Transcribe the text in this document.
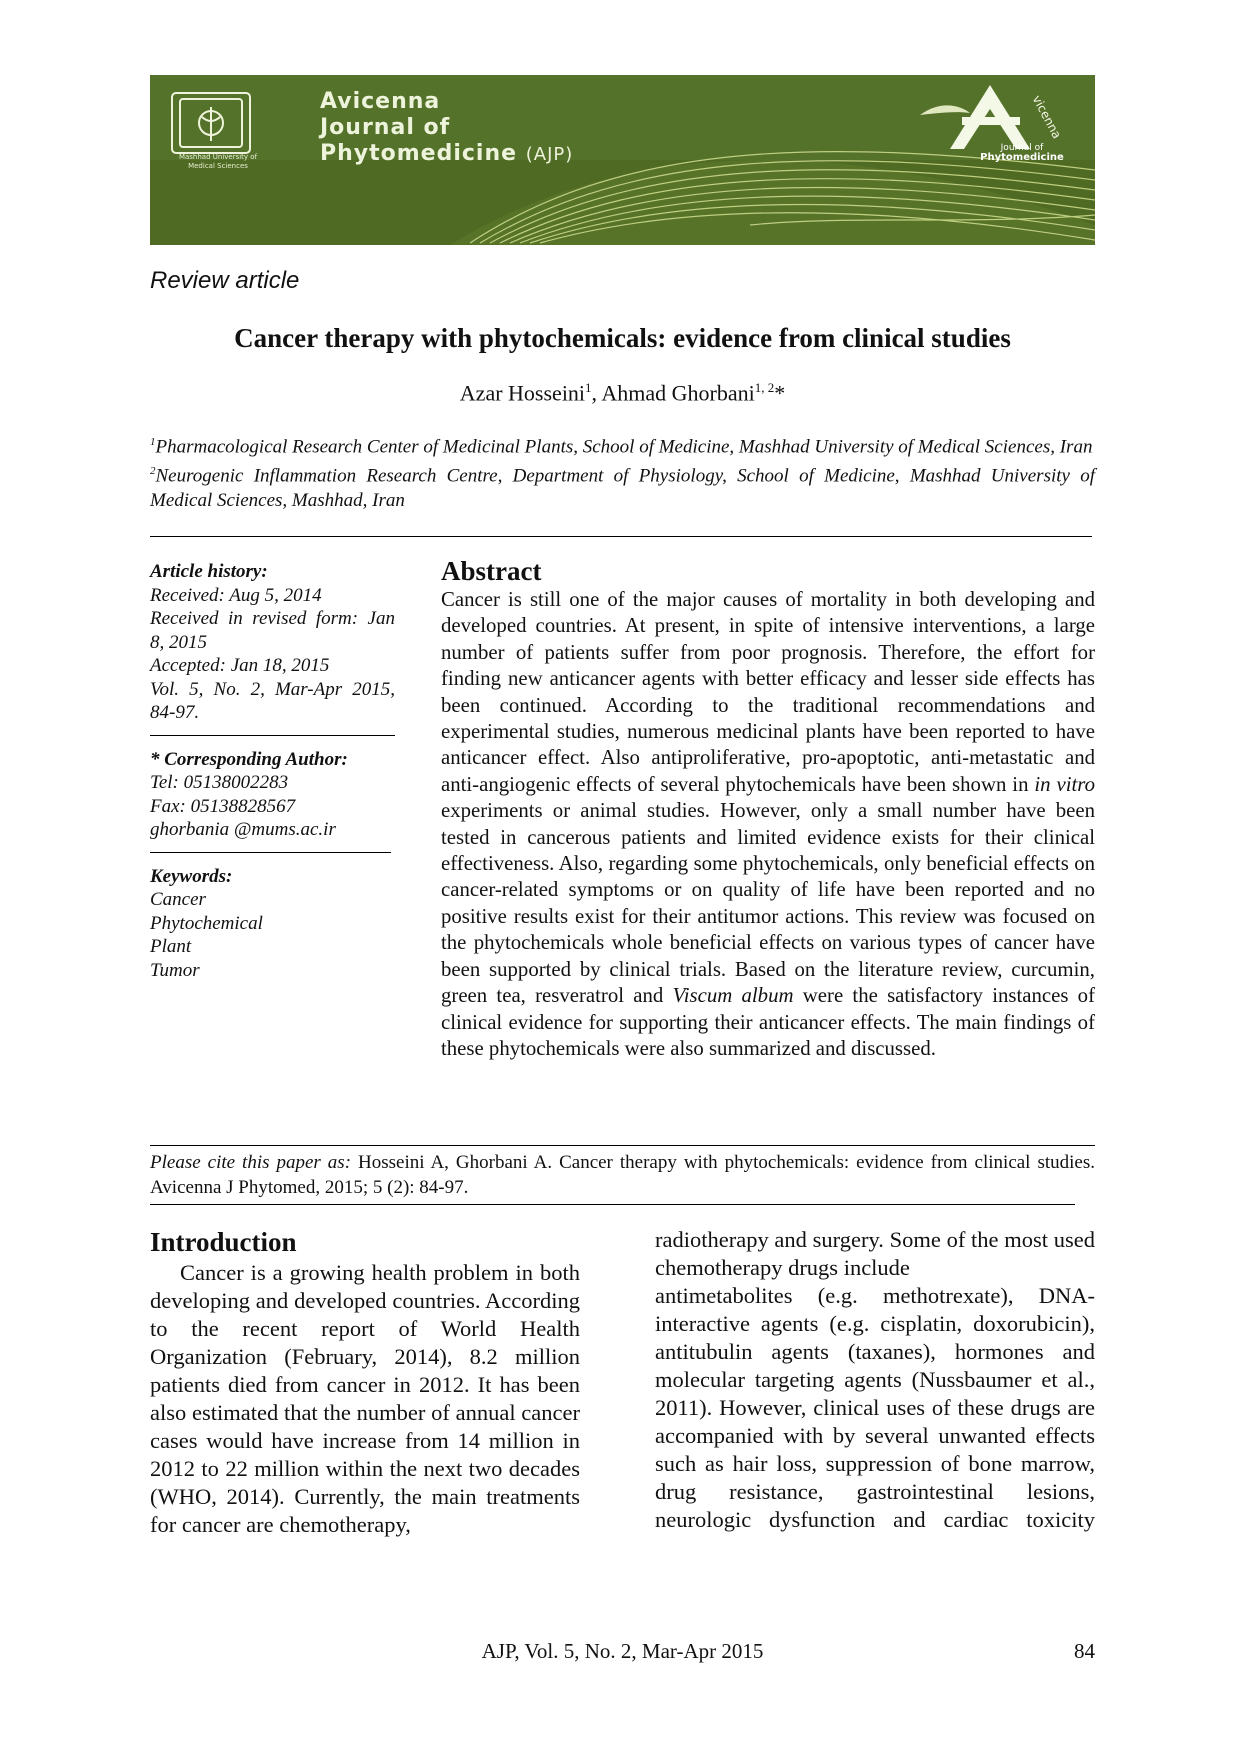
Avicenna
Journal of
Phytomedicine (AJP)
Mashhad University of Medical Sciences
vicenna
Journal of
Phytomedicine
Review article
Cancer therapy with phytochemicals: evidence from clinical studies
Azar Hosseini$^1$, Ahmad Ghorbani$^{1, 2}$*

$^1$Pharmacological Research Center of Medicinal Plants, School of Medicine, Mashhad University of Medical Sciences, Iran

$^2$Neurogenic Inflammation Research Centre, Department of Physiology, School of Medicine, Mashhad University of Medical Sciences, Mashhad, Iran

Article history:
Received: Aug 5, 2014
Received in revised form: Jan 8, 2015
Accepted: Jan 18, 2015
Vol. 5, No. 2, Mar-Apr 2015, 84-97.
* Corresponding Author:
Tel: 05138002283
Fax: 05138828567
ghorbania @mums.ac.ir
Keywords:
Cancer
Phytochemical
Plant
Tumor
Abstract

Cancer is still one of the major causes of mortality in both developing and developed countries. At present, in spite of intensive interventions, a large number of patients suffer from poor prognosis. Therefore, the effort for finding new anticancer agents with better efficacy and lesser side effects has been continued. According to the traditional recommendations and experimental studies, numerous medicinal plants have been reported to have anticancer effect. Also antiproliferative, pro-apoptotic, anti-metastatic and anti-angiogenic effects of several phytochemicals have been shown in in vitro experiments or animal studies. However, only a small number have been tested in cancerous patients and limited evidence exists for their clinical effectiveness. Also, regarding some phytochemicals, only beneficial effects on cancer-related symptoms or on quality of life have been reported and no positive results exist for their antitumor actions. This review was focused on the phytochemicals whole beneficial effects on various types of cancer have been supported by clinical trials. Based on the literature review, curcumin, green tea, resveratrol and Viscum album were the satisfactory instances of clinical evidence for supporting their anticancer effects. The main findings of these phytochemicals were also summarized and discussed.

Please cite this paper as: Hosseini A, Ghorbani A. Cancer therapy with phytochemicals: evidence from clinical studies. Avicenna J Phytomed, 2015; 5 (2): 84-97.
Introduction

Cancer is a growing health problem in both developing and developed countries. According to the recent report of World Health Organization (February, 2014), 8.2 million patients died from cancer in 2012. It has been also estimated that the number of annual cancer cases would have increase from 14 million in 2012 to 22 million within the next two decades (WHO, 2014). Currently, the main treatments for cancer are chemotherapy,

radiotherapy and surgery. Some of the most used chemotherapy drugs include

antimetabolites (e.g. methotrexate), DNA-interactive agents (e.g. cisplatin, doxorubicin), antitubulin agents (taxanes), hormones and molecular targeting agents (Nussbaumer et al., 2011). However, clinical uses of these drugs are accompanied with by several unwanted effects such as hair loss, suppression of bone marrow, drug resistance, gastrointestinal lesions, neurologic dysfunction and cardiac toxicity

AJP, Vol. 5, No. 2, Mar-Apr 2015	84
